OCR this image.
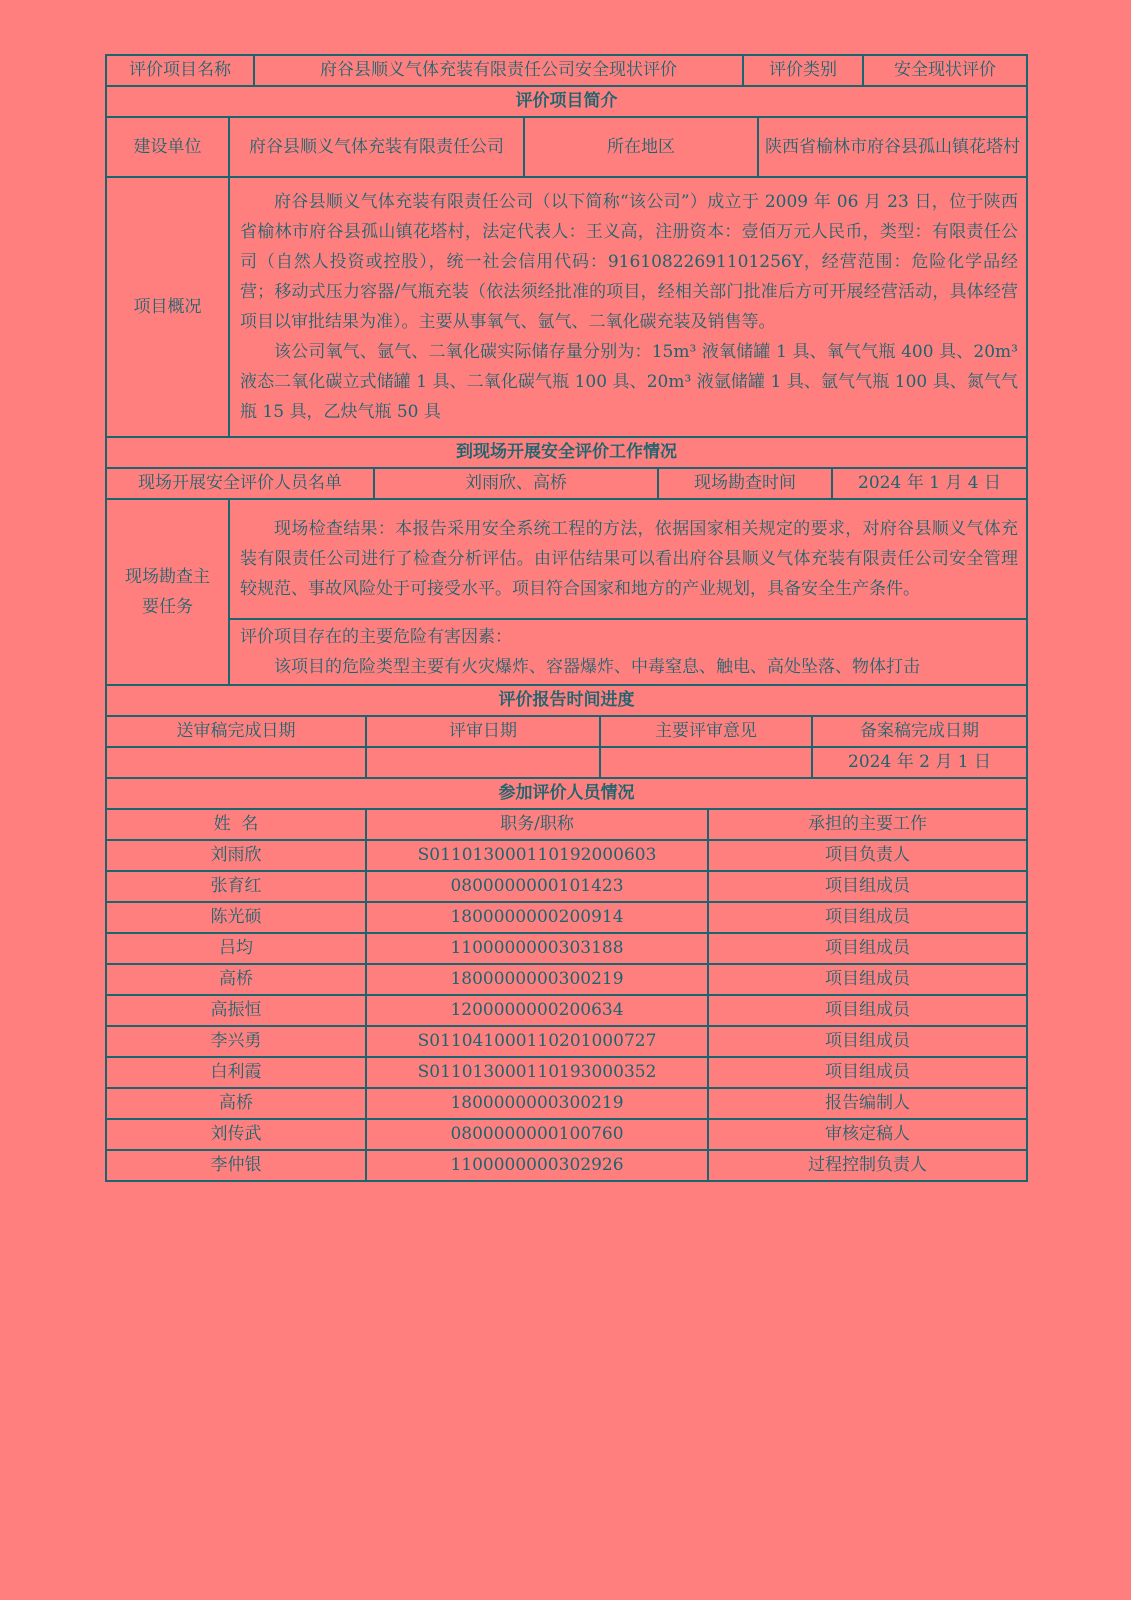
评价项目名称	府谷县顺义气体充装有限责任公司安全现状评价	评价类别	安全现状评价
评价项目简介			
建设单位	府谷县顺义气体充装有限责任公司	所在地区	陕西省榆林市府谷县孤山镇花塔村
项目概况	府谷县顺义气体充装有限责任公司（以下简称“该公司”）成立于 2009 年 06 月 23 日，位于陕西省榆林市府谷县孤山镇花塔村，法定代表人：王义高，注册资本：壹佰万元人民币，类型：有限责任公司（自然人投资或控股），统一社会信用代码：91610822691101256Y，经营范围：危险化学品经营；移动式压力容器/气瓶充装（依法须经批准的项目，经相关部门批准后方可开展经营活动，具体经营项目以审批结果为准）。主要从事氧气、氩气、二氧化碳充装及销售等。

该公司氧气、氩气、二氧化碳实际储存量分别为：15m³ 液氧储罐 1 具、氧气气瓶 400 具、20m³ 液态二氧化碳立式储罐 1 具、二氧化碳气瓶 100 具、20m³ 液氩储罐 1 具、氩气气瓶 100 具、氮气气瓶 15 具，乙炔气瓶 50 具		

到现场开展安全评价工作情况				
现场开展安全评价人员名单		刘雨欣、高桥	现场勘查时间	2024 年 1 月 4 日
现场勘查主要任务	现场检查结果：本报告采用安全系统工程的方法，依据国家相关规定的要求，对府谷县顺义气体充装有限责任公司进行了检查分析评估。由评估结果可以看出府谷县顺义气体充装有限责任公司安全管理较规范、事故风险处于可接受水平。项目符合国家和地方的产业规划，具备安全生产条件。			

	评价项目存在的主要危险有害因素：

该项目的危险类型主要有火灾爆炸、容器爆炸、中毒窒息、触电、高处坠落、物体打击			

评价报告时间进度			
送审稿完成日期	评审日期	主要评审意见	备案稿完成日期
			2024 年 2 月 1 日
参加评价人员情况		
姓  名	职务/职称	承担的主要工作
刘雨欣	S011013000110192000603	项目负责人
张育红	0800000000101423	项目组成员
陈光硕	1800000000200914	项目组成员
吕均	1100000000303188	项目组成员
高桥	1800000000300219	项目组成员
高振恒	1200000000200634	项目组成员
李兴勇	S011041000110201000727	项目组成员
白利霞	S011013000110193000352	项目组成员
高桥	1800000000300219	报告编制人
刘传武	0800000000100760	审核定稿人
李仲银	1100000000302926	过程控制负责人
